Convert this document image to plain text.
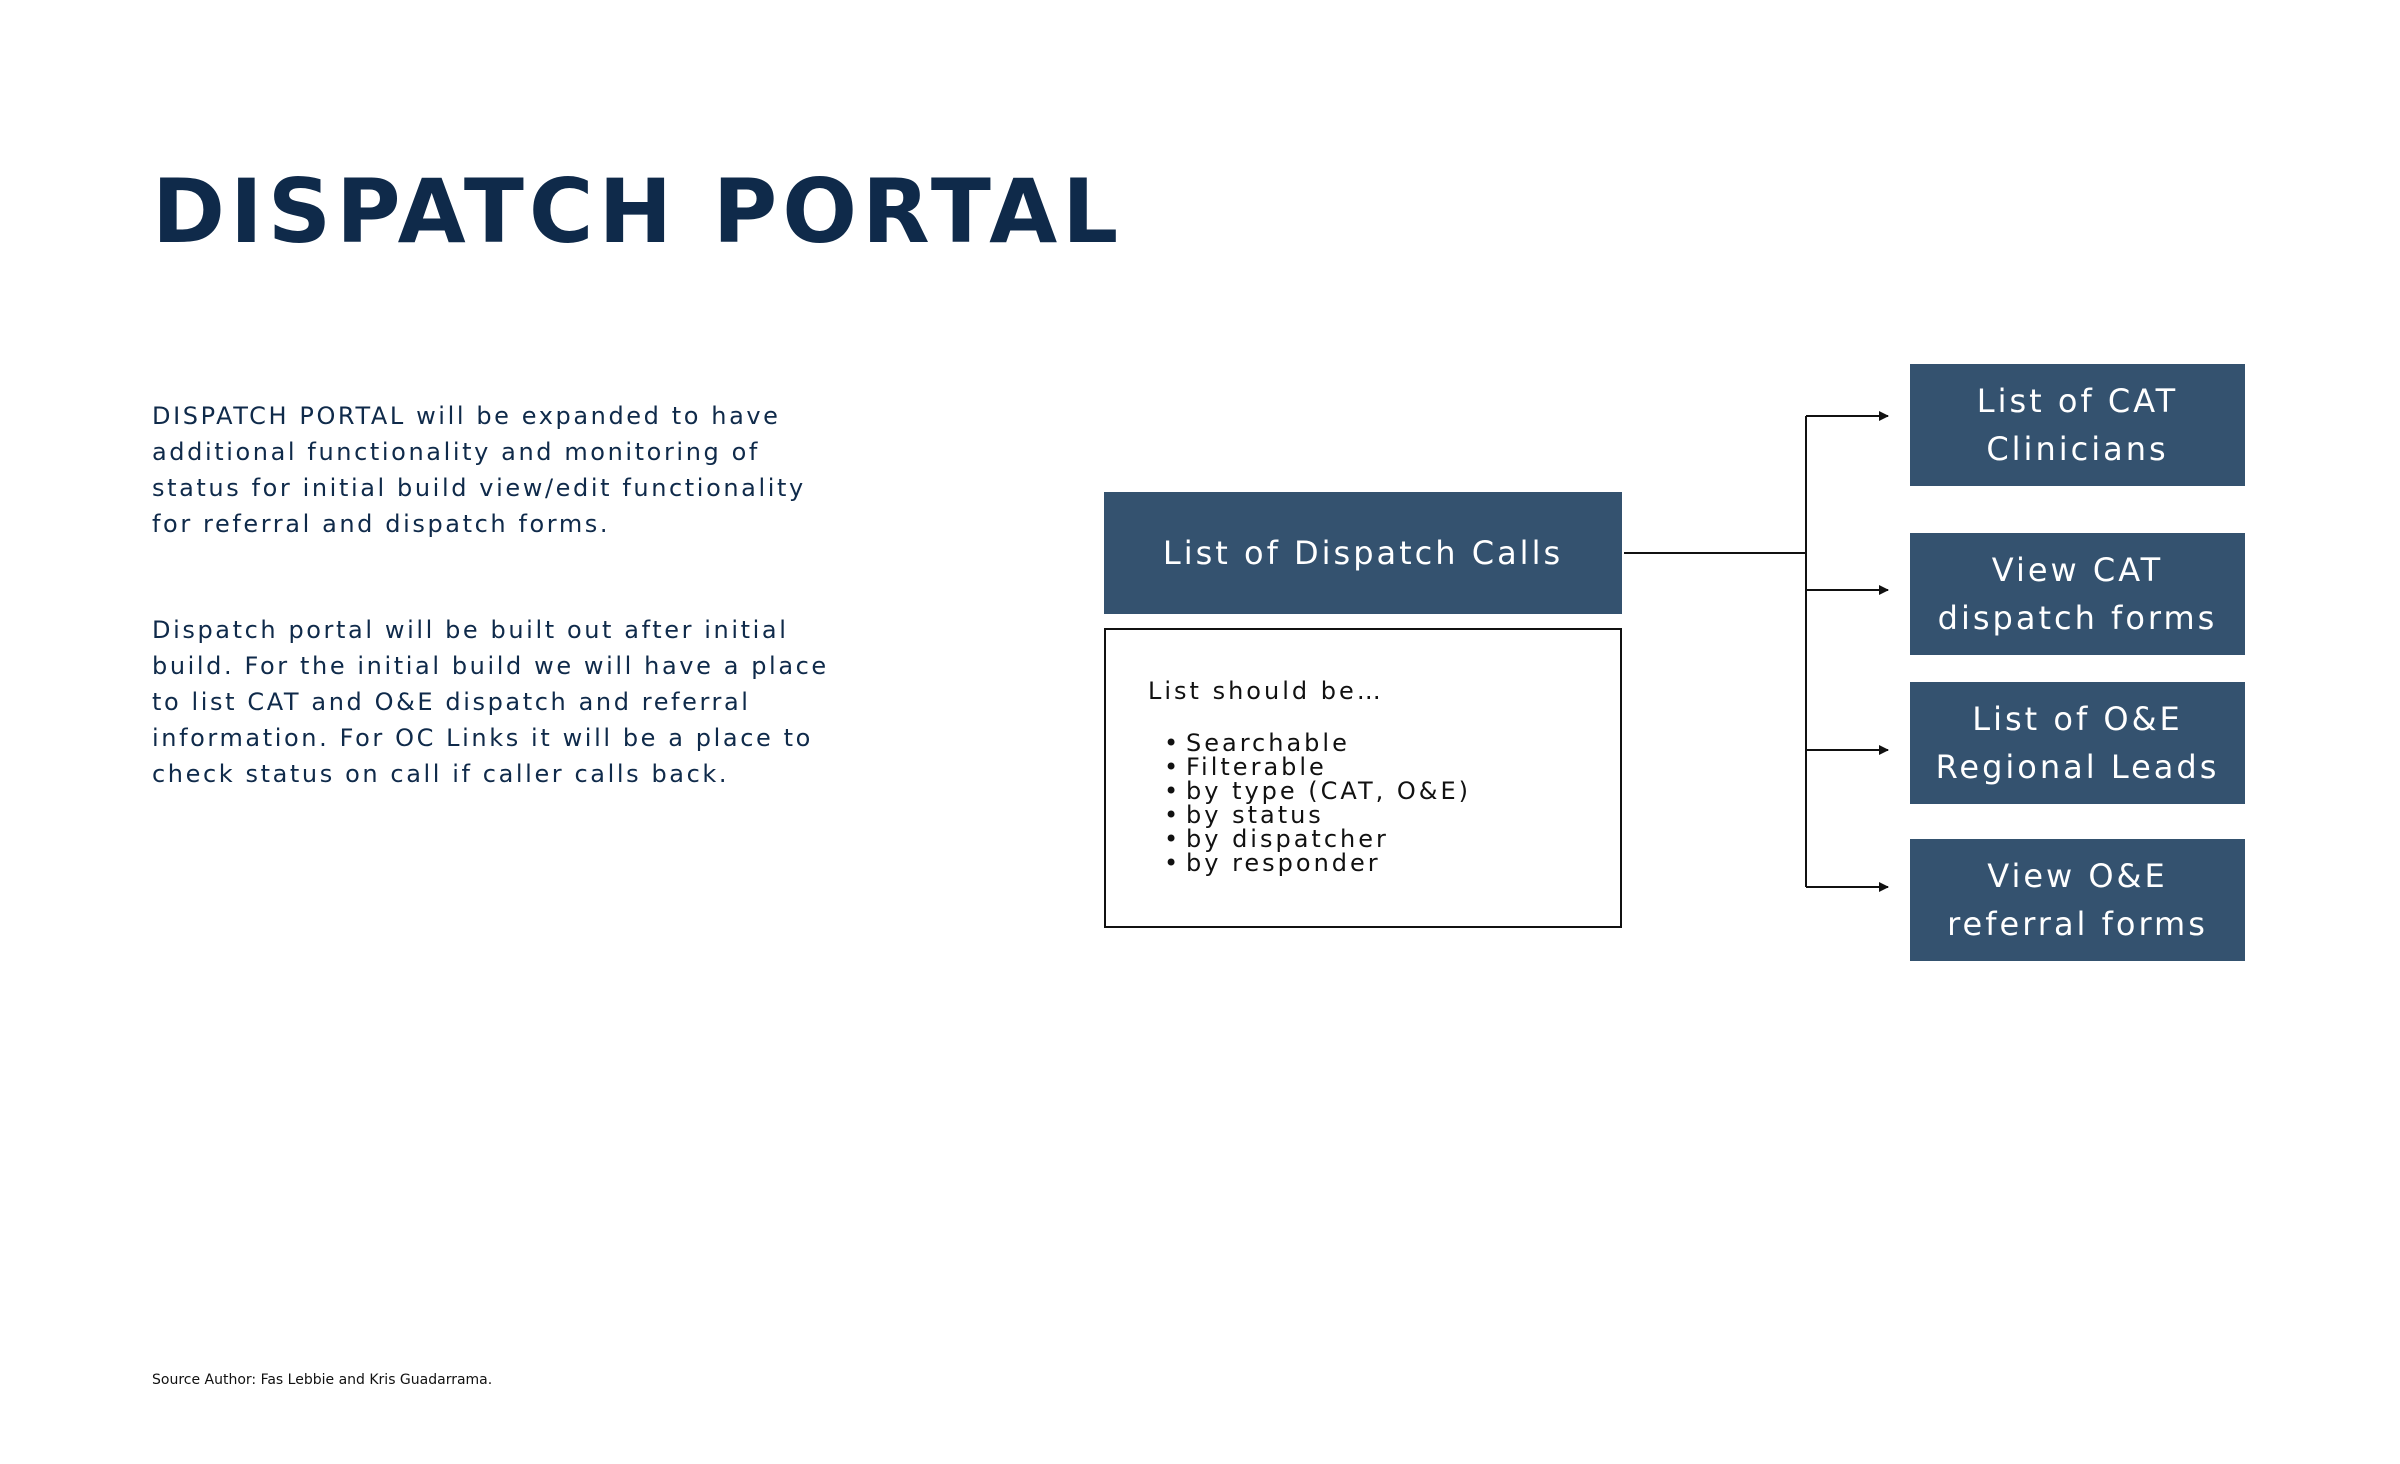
DISPATCH PORTAL

DISPATCH PORTAL will be expanded to have
additional functionality and monitoring of
status for initial build view/edit functionality
for referral and dispatch forms.

Dispatch portal will be built out after initial
build. For the initial build we will have a place
to list CAT and O&E dispatch and referral
information. For OC Links it will be a place to
check status on call if caller calls back.

List of Dispatch Calls

List should be…

• Searchable
• Filterable
• by type (CAT, O&E)
• by status
• by dispatcher
• by responder
List of CAT
Clinicians
View CAT
dispatch forms
List of O&E
Regional Leads
View O&E
referral forms

Source Author: Fas Lebbie and Kris Guadarrama.
